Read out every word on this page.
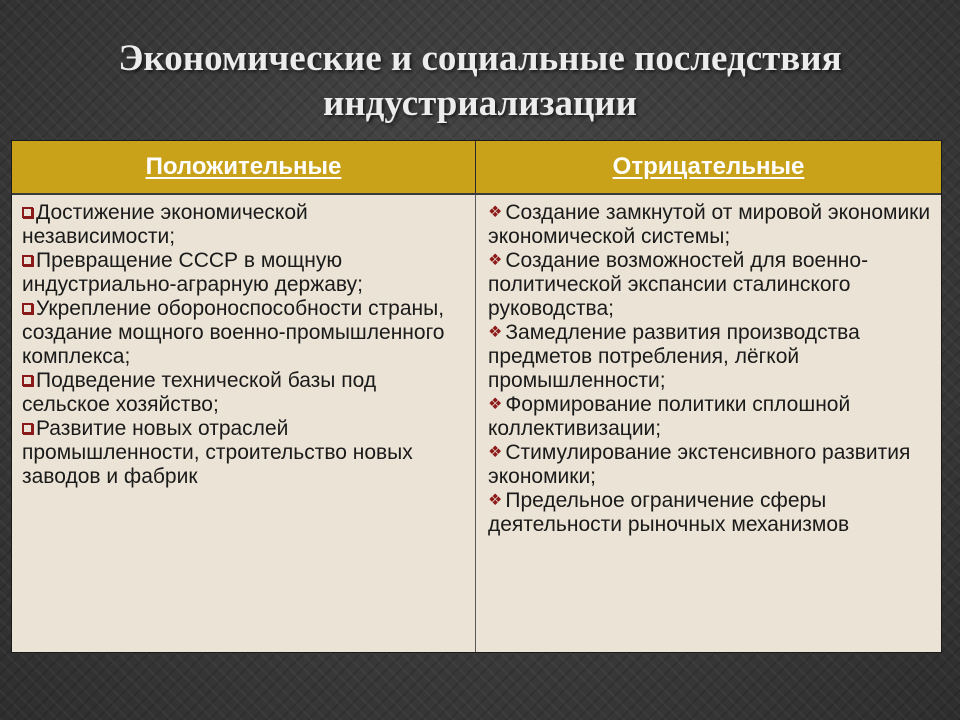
Экономические и социальные последствия индустриализации
Положительные	Отрицательные

Достижение экономической независимости;

Превращение СССР в мощную индустриально-аграрную державу;

Укрепление обороноспособности страны, создание мощного военно-промышленного комплекса;

Подведение технической базы под сельское хозяйство;

Развитие новых отраслей промышленности, строительство новых заводов и фабрик

❖ Создание замкнутой от мировой экономики экономической системы;

❖ Создание возможностей для военно-политической экспансии сталинского руководства;

❖ Замедление развития производства предметов потребления, лёгкой промышленности;

❖ Формирование политики сплошной коллективизации;

❖ Стимулирование экстенсивного развития экономики;

❖ Предельное ограничение сферы деятельности рыночных механизмов
